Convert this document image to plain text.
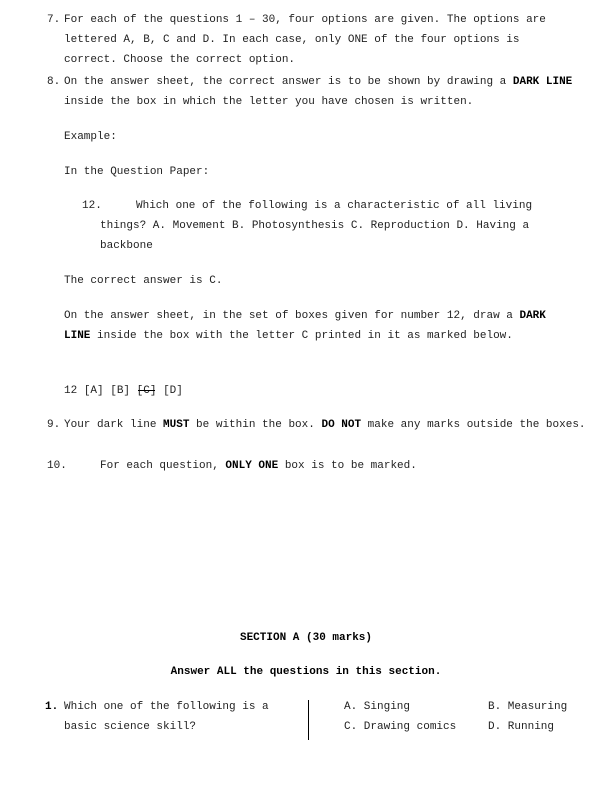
7. For each of the questions 1 – 30, four options are given. The options are lettered A, B, C and D. In each case, only ONE of the four options is correct. Choose the correct option.

8. On the answer sheet, the correct answer is to be shown by drawing a DARK LINE inside the box in which the letter you have chosen is written.

Example:

In the Question Paper:

12.	Which one of the following is a characteristic of all living things? A. Movement B. Photosynthesis C. Reproduction D. Having a backbone

The correct answer is C.

On the answer sheet, in the set of boxes given for number 12, draw a DARK LINE inside the box with the letter C printed in it as marked below.

12 [A] [B] [C] [D]

9. Your dark line MUST be within the box. DO NOT make any marks outside the boxes.

10.	For each question, ONLY ONE box is to be marked.

SECTION A (30 marks)
Answer ALL the questions in this section.
1. Which one of the following is a basic science skill?

A. Singing	B. Measuring
C. Drawing comics	D. Running
